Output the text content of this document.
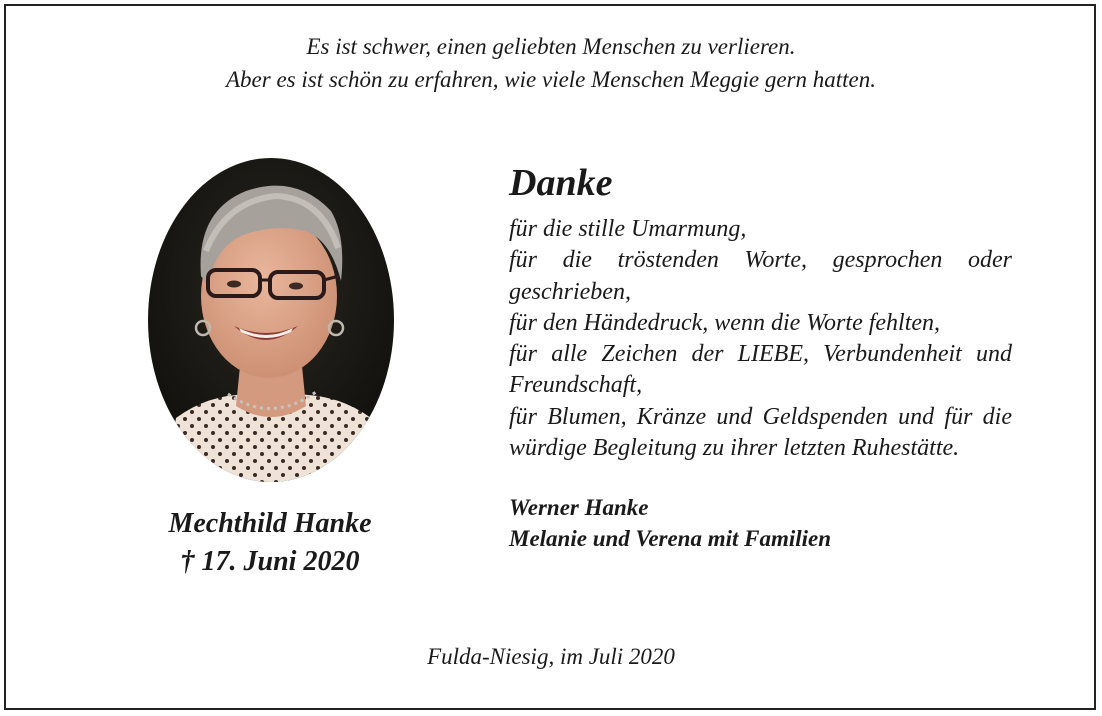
Es ist schwer, einen geliebten Menschen zu verlieren.
Aber es ist schön zu erfahren, wie viele Menschen Meggie gern hatten.
Mechthild Hanke
† 17. Juni 2020
Danke

für die stille Umarmung,
für die tröstenden Worte, gesprochen oder geschrieben,
für den Händedruck, wenn die Worte fehlten,
für alle Zeichen der LIEBE, Verbundenheit und Freundschaft,
für Blumen, Kränze und Geldspenden und für die würdige Begleitung zu ihrer letzten Ruhestätte.

Werner Hanke
Melanie und Verena mit Familien
Fulda-Niesig, im Juli 2020
